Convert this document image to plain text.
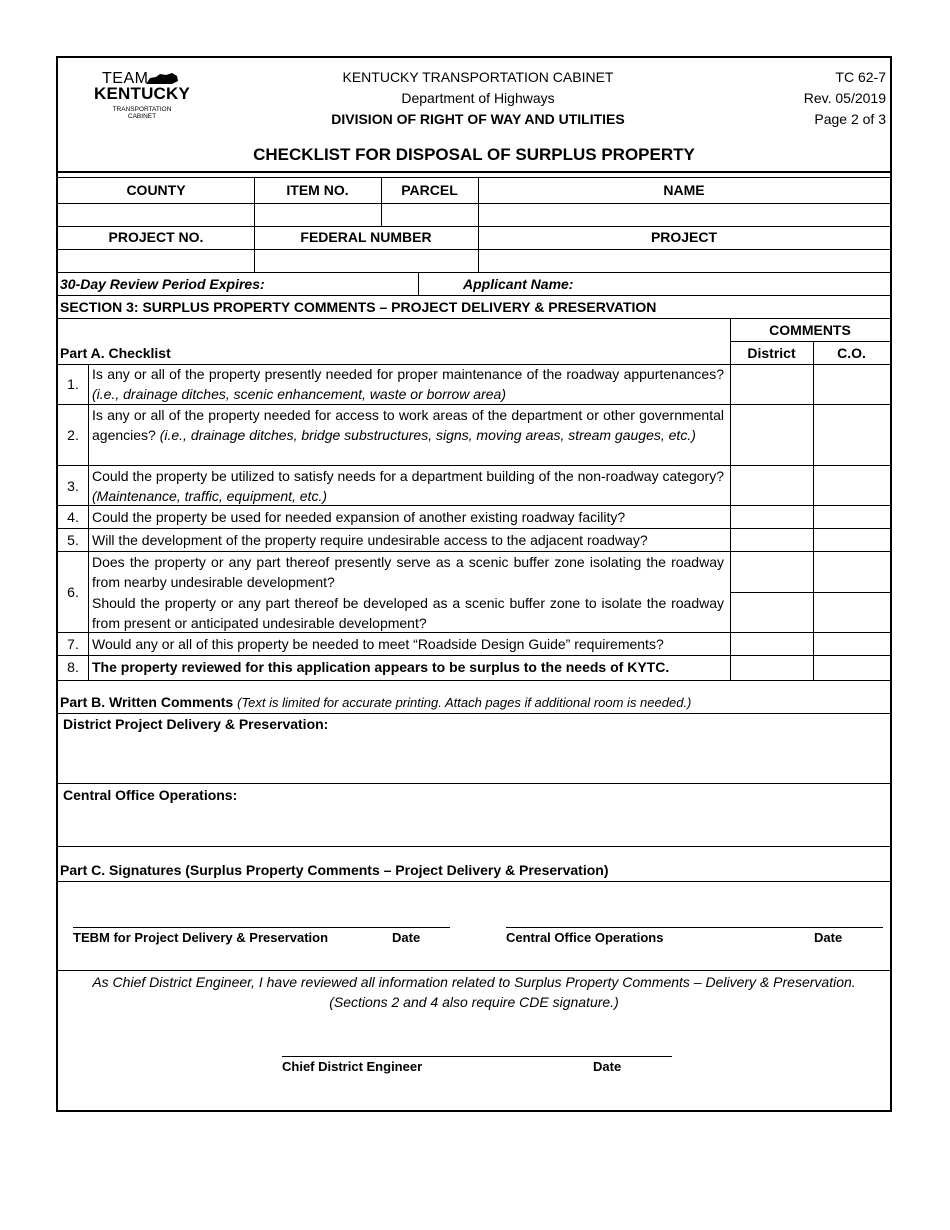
TEAM
KENTUCKY
TRANSPORTATION
CABINET
KENTUCKY TRANSPORTATION CABINET
Department of Highways
DIVISION OF RIGHT OF WAY AND UTILITIES
TC 62-7
Rev. 05/2019
Page 2 of 3
CHECKLIST FOR DISPOSAL OF SURPLUS PROPERTY
COUNTY	ITEM NO.	PARCEL	NAME
PROJECT NO.	FEDERAL NUMBER	PROJECT
30-Day Review Period Expires:	Applicant Name:
SECTION 3: SURPLUS PROPERTY COMMENTS – PROJECT DELIVERY & PRESERVATION
Part A. Checklist
COMMENTS
District	C.O.
1.
Is any or all of the property presently needed for proper maintenance of the roadway appurtenances? (i.e., drainage ditches, scenic enhancement, waste or borrow area)
2.
Is any or all of the property needed for access to work areas of the department or other governmental agencies? (i.e., drainage ditches, bridge substructures, signs, moving areas, stream gauges, etc.)
3.
Could the property be utilized to satisfy needs for a department building of the non-roadway category? (Maintenance, traffic, equipment, etc.)
4. Could the property be used for needed expansion of another existing roadway facility?
5. Will the development of the property require undesirable access to the adjacent roadway?
6.
Does the property or any part thereof presently serve as a scenic buffer zone isolating the roadway from nearby undesirable development?
Should the property or any part thereof be developed as a scenic buffer zone to isolate the roadway from present or anticipated undesirable development?
7. Would any or all of this property be needed to meet “Roadside Design Guide” requirements?
8. The property reviewed for this application appears to be surplus to the needs of KYTC.
Part B. Written Comments (Text is limited for accurate printing. Attach pages if additional room is needed.)
District Project Delivery & Preservation:
Central Office Operations:
Part C. Signatures (Surplus Property Comments – Project Delivery & Preservation)
TEBM for Project Delivery & Preservation	Date	Central Office Operations	Date
As Chief District Engineer, I have reviewed all information related to Surplus Property Comments – Delivery & Preservation.
(Sections 2 and 4 also require CDE signature.)
Chief District Engineer	Date
